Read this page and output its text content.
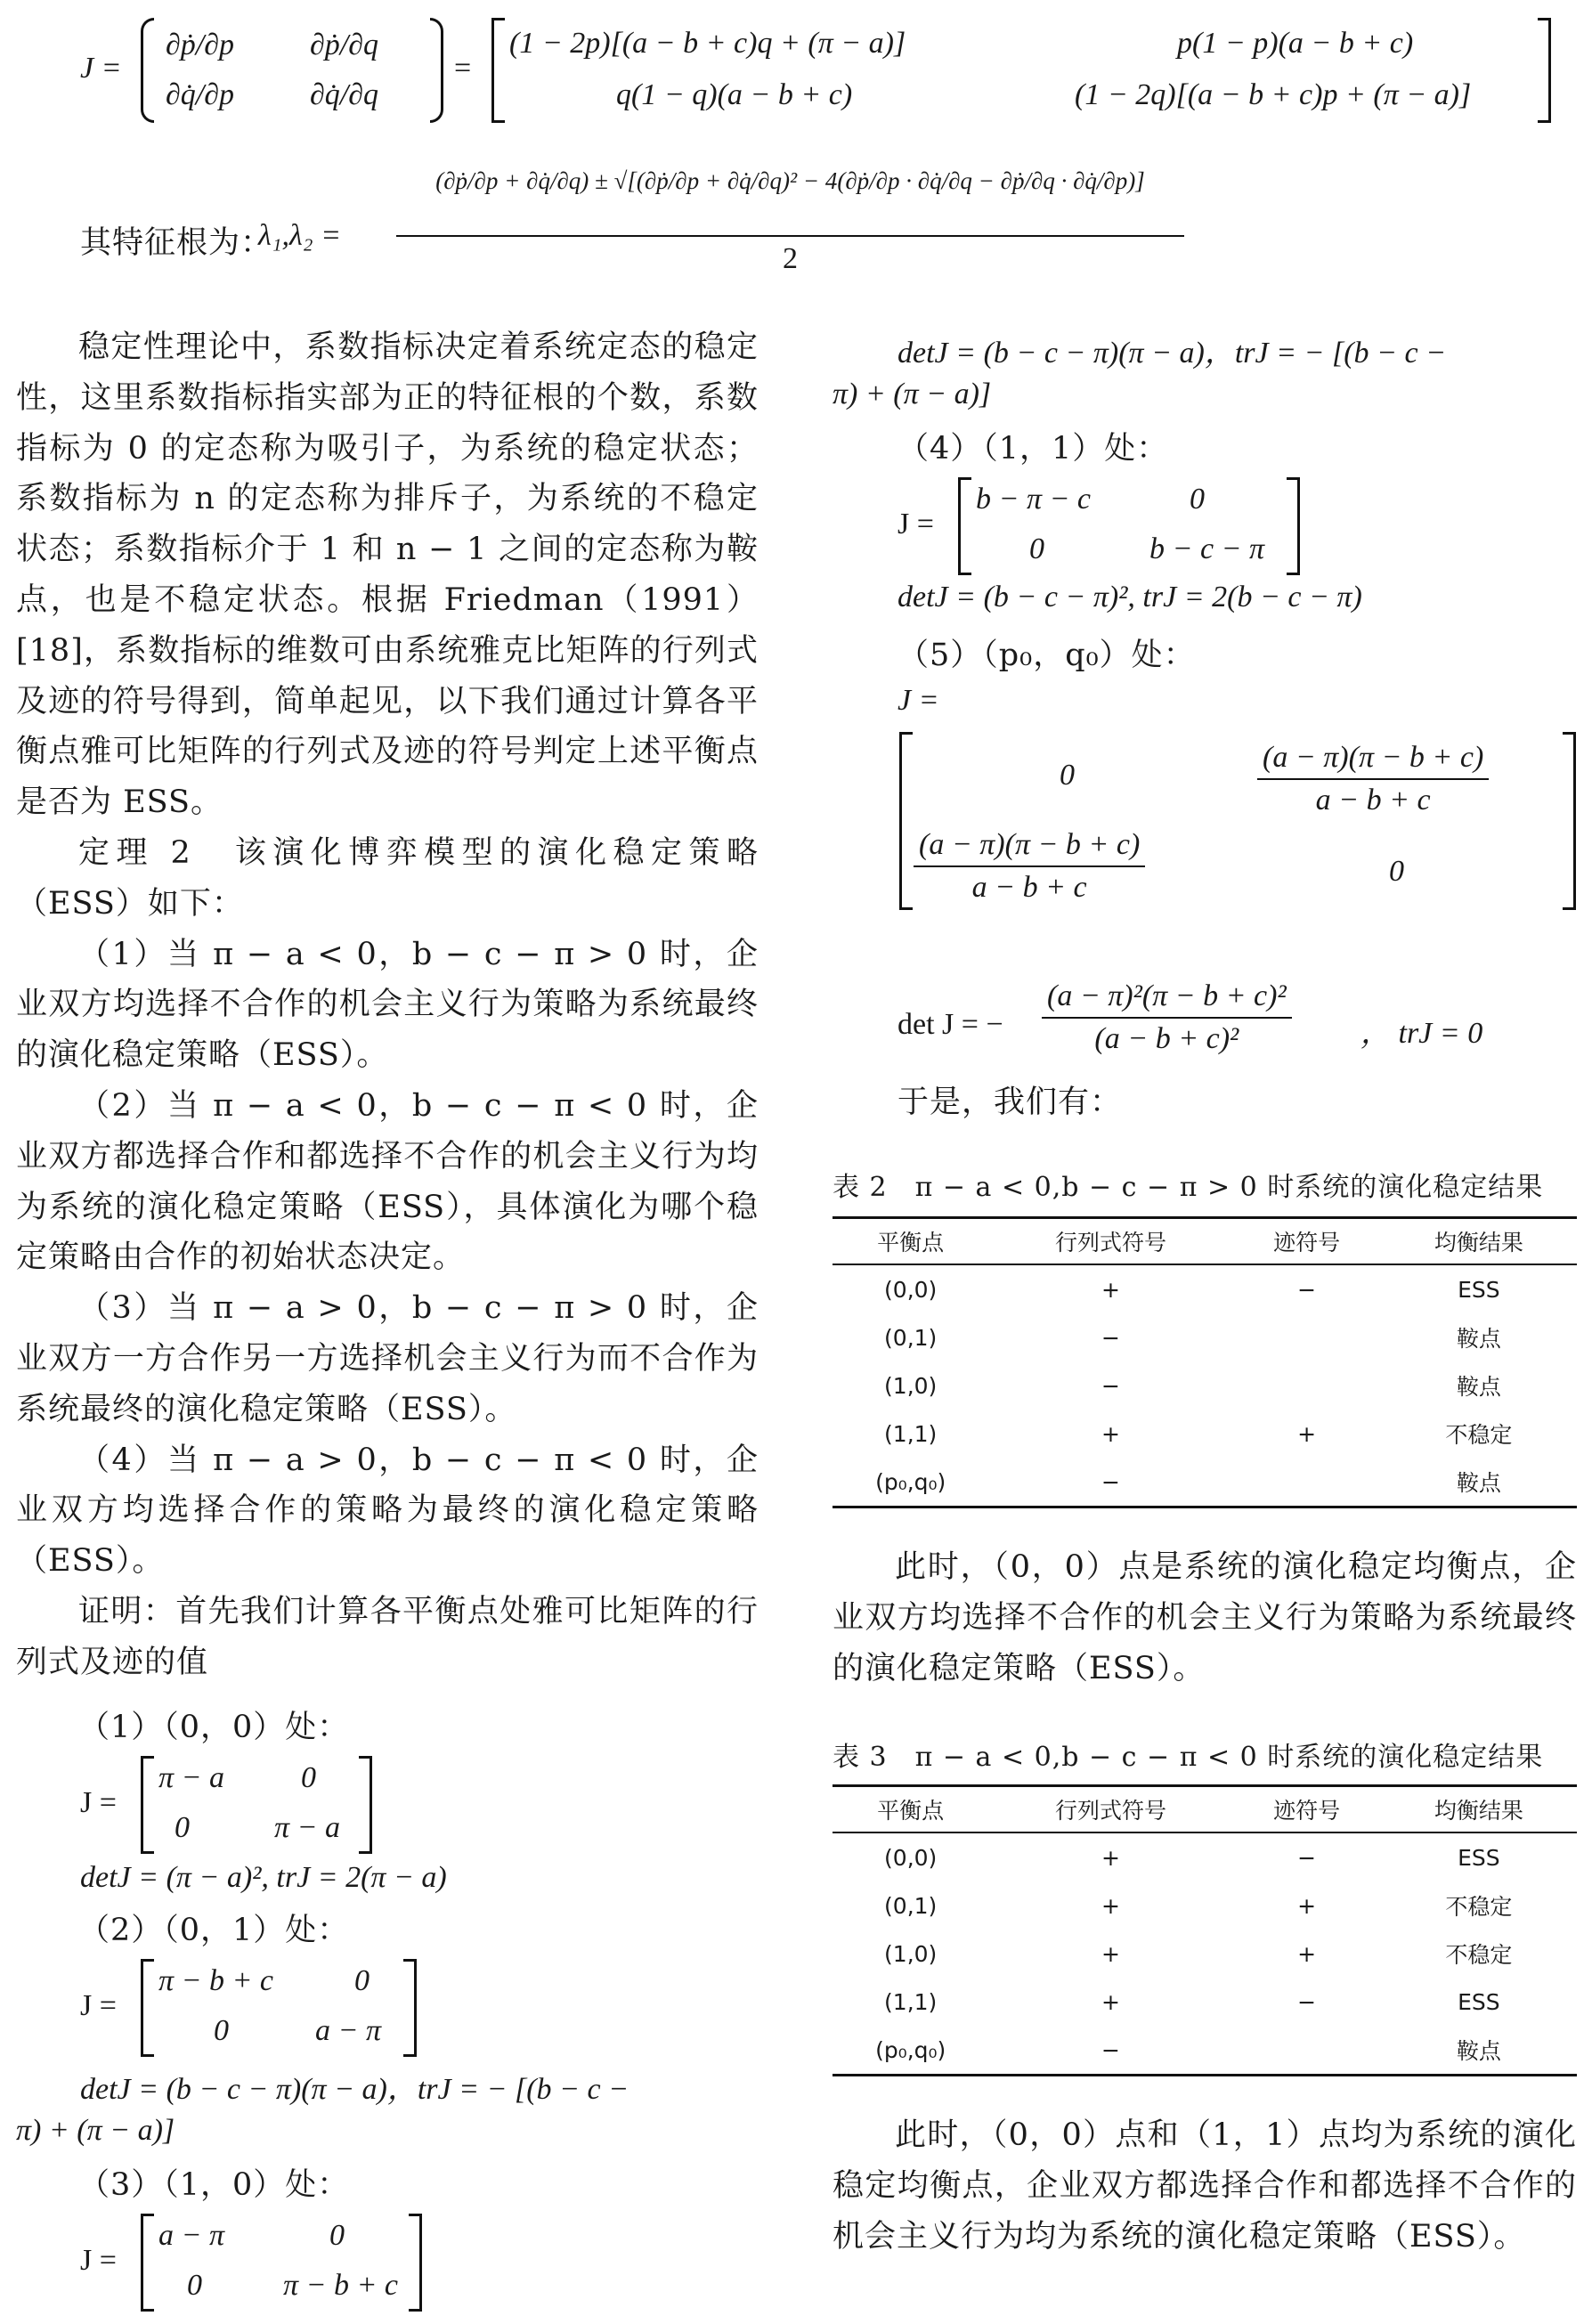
J =
∂ṗ/∂p ∂ṗ/∂q
∂q̇/∂p ∂q̇/∂q
=
(1 − 2p)[(a − b + c)q + (π − a)]	p(1 − p)(a − b + c)
q(1 − q)(a − b + c)	(1 − 2q)[(a − b + c)p + (π − a)]
其特征根为：
λ₁,λ₂ =
(∂ṗ/∂p + ∂q̇/∂q) ± √[(∂ṗ/∂p + ∂q̇/∂q)² − 4(∂ṗ/∂p · ∂q̇/∂q − ∂ṗ/∂q · ∂q̇/∂p)]
2

稳定性理论中，系数指标决定着系统定态的稳定性，这里系数指标指实部为正的特征根的个数，系数指标为 0 的定态称为吸引子，为系统的稳定状态；系数指标为 n 的定态称为排斥子，为系统的不稳定状态；系数指标介于 1 和 n − 1 之间的定态称为鞍点，也是不稳定状态。根据 Friedman（1991）[18]，系数指标的维数可由系统雅克比矩阵的行列式及迹的符号得到，简单起见，以下我们通过计算各平衡点雅可比矩阵的行列式及迹的符号判定上述平衡点是否为 ESS。

定理 2　该演化博弈模型的演化稳定策略（ESS）如下：

（1）当 π − a < 0，b − c − π > 0 时，企业双方均选择不合作的机会主义行为策略为系统最终的演化稳定策略（ESS）。

（2）当 π − a < 0，b − c − π < 0 时，企业双方都选择合作和都选择不合作的机会主义行为均为系统的演化稳定策略（ESS），具体演化为哪个稳定策略由合作的初始状态决定。

（3）当 π − a > 0，b − c − π > 0 时，企业双方一方合作另一方选择机会主义行为而不合作为系统最终的演化稳定策略（ESS）。

（4）当 π − a > 0，b − c − π < 0 时，企业双方均选择合作的策略为最终的演化稳定策略（ESS）。

证明：首先我们计算各平衡点处雅可比矩阵的行列式及迹的值

（1）（0，0）处：
J =
π − a	0
0	π − a
detJ = (π − a)², trJ = 2(π − a)
（2）（0，1）处：
J =
π − b + c	0
0	a − π
detJ = (b − c − π)(π − a)，trJ = − [(b − c −
π) + (π − a)]
（3）（1，0）处：
J =
a − π	0
0	π − b + c
detJ = (b − c − π)(π − a)，trJ = − [(b − c −
π) + (π − a)]
（4）（1，1）处：
J =
b − π − c	0
0	b − c − π
detJ = (b − c − π)², trJ = 2(b − c − π)
（5）（p₀，q₀）处：
J =
0	$\frac{(a - \pi)(\pi - b + c)}{a - b + c}$
$\frac{(a - \pi)(\pi - b + c)}{a - b + c}$	0
det J = − $\frac{\text{(a − π)²(π − b + c)²}}{\text{(a − b + c)²}}$ ， trJ = 0
于是，我们有：
表 2　π − a < 0,b − c − π > 0 时系统的演化稳定结果
平衡点	行列式符号	迹符号	均衡结果
(0,0)	+	−	ESS
(0,1)	−		鞍点
(1,0)	−		鞍点
(1,1)	+	+	不稳定
(p₀,q₀)	−		鞍点
此时，（0，0）点是系统的演化稳定均衡点，企业双方均选择不合作的机会主义行为策略为系统最终的演化稳定策略（ESS）。
表 3　π − a < 0,b − c − π < 0 时系统的演化稳定结果
平衡点	行列式符号	迹符号	均衡结果
(0,0)	+	−	ESS
(0,1)	+	+	不稳定
(1,0)	+	+	不稳定
(1,1)	+	−	ESS
(p₀,q₀)	−		鞍点
此时，（0，0）点和（1，1）点均为系统的演化稳定均衡点，企业双方都选择合作和都选择不合作的机会主义行为均为系统的演化稳定策略（ESS）。
